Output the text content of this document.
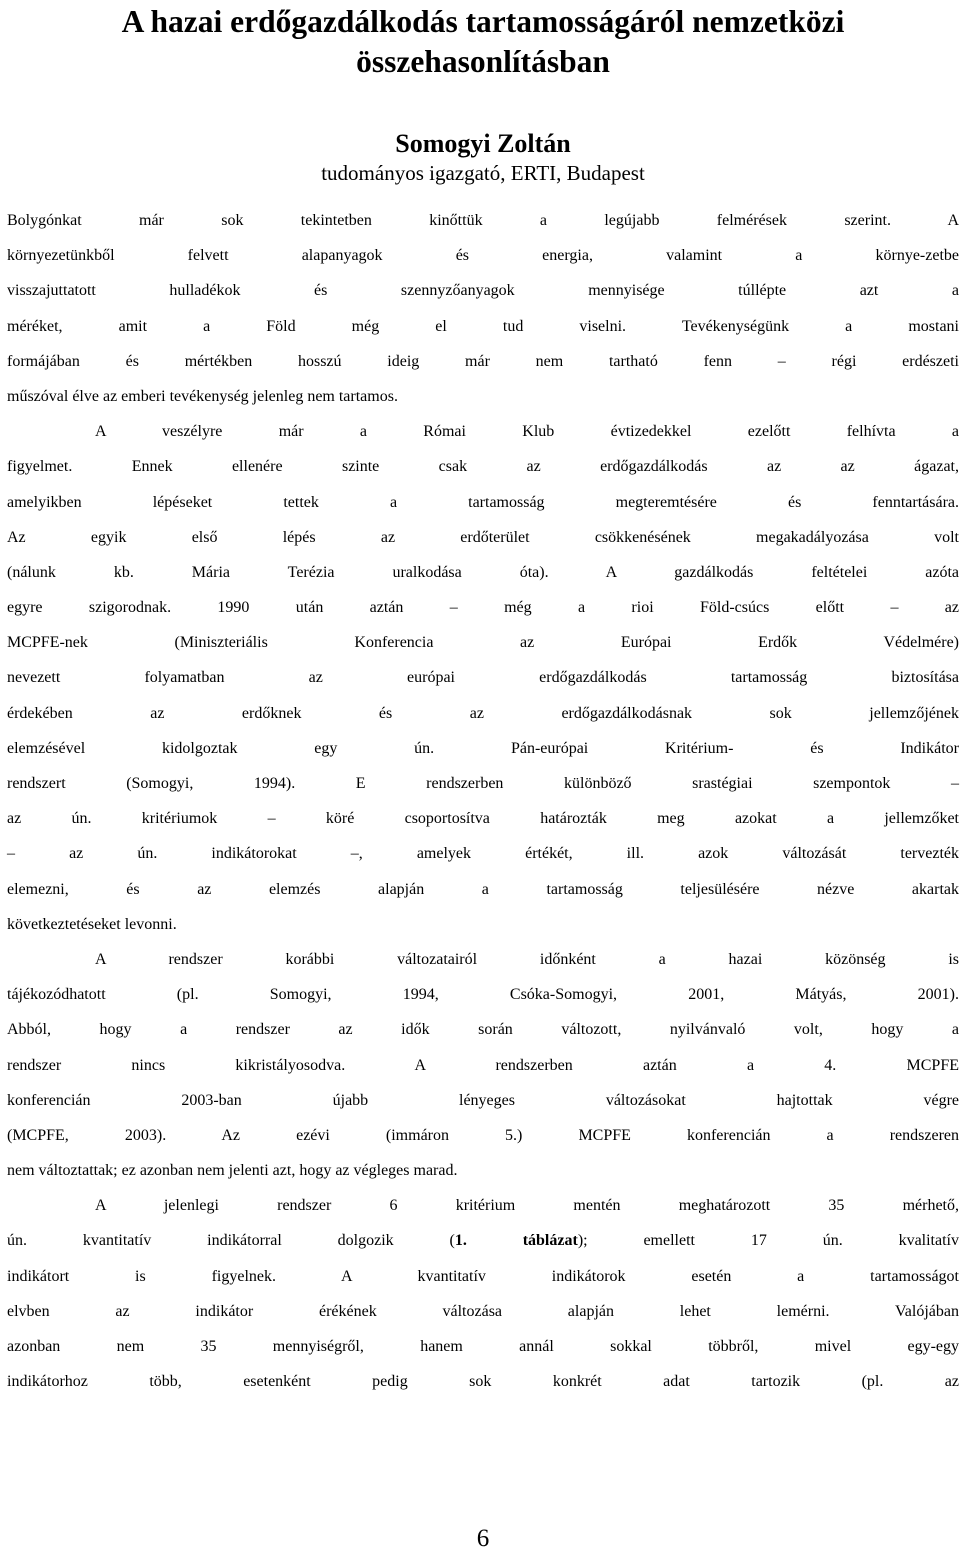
A hazai erdőgazdálkodás tartamosságáról nemzetközi
összehasonlításban

Somogyi Zoltán

tudományos igazgató, ERTI, Budapest

Bolygónkat már sok tekintetben kinőttük a legújabb felmérések szerint. A
környezetünkből felvett alapanyagok és energia, valamint a környe-zetbe
visszajuttatott hulladékok és szennyzőanyagok mennyisége túllépte azt a
méréket, amit a Föld még el tud viselni. Tevékenységünk a mostani
formájában és mértékben hosszú ideig már nem tartható fenn – régi erdészeti
műszóval élve az emberi tevékenység jelenleg nem tartamos.
A veszélyre már a Római Klub évtizedekkel ezelőtt felhívta a
figyelmet. Ennek ellenére szinte csak az erdőgazdálkodás az az ágazat,
amelyikben lépéseket tettek a tartamosság megteremtésére és fenntartására.
Az egyik első lépés az erdőterület csökkenésének megakadályozása volt
(nálunk kb. Mária Terézia uralkodása óta). A gazdálkodás feltételei azóta
egyre szigorodnak. 1990 után aztán – még a rioi Föld-csúcs előtt – az
MCPFE-nek (Miniszteriális Konferencia az Európai Erdők Védelmére)
nevezett folyamatban az európai erdőgazdálkodás tartamosság biztosítása
érdekében az erdőknek és az erdőgazdálkodásnak sok jellemzőjének
elemzésével kidolgoztak egy ún. Pán-európai Kritérium- és Indikátor
rendszert (Somogyi, 1994). E rendszerben különböző srastégiai szempontok –
az ún. kritériumok – köré csoportosítva határozták meg azokat a jellemzőket
– az ún. indikátorokat –, amelyek értékét, ill. azok változását tervezték
elemezni, és az elemzés alapján a tartamosság teljesülésére nézve akartak
következtetéseket levonni.
A rendszer korábbi változatairól időnként a hazai közönség is
tájékozódhatott (pl. Somogyi, 1994, Csóka-Somogyi, 2001, Mátyás, 2001).
Abból, hogy a rendszer az idők során változott, nyilvánvaló volt, hogy a
rendszer nincs kikristályosodva. A rendszerben aztán a 4. MCPFE
konferencián 2003-ban újabb lényeges változásokat hajtottak végre
(MCPFE, 2003). Az ezévi (immáron 5.) MCPFE konferencián a rendszeren
nem változtattak; ez azonban nem jelenti azt, hogy az végleges marad.
A jelenlegi rendszer 6 kritérium mentén meghatározott 35 mérhető,
ún. kvantitatív indikátorral dolgozik (1. táblázat); emellett 17 ún. kvalitatív
indikátort is figyelnek. A kvantitatív indikátorok esetén a tartamosságot
elvben az indikátor érékének változása alapján lehet lemérni. Valójában
azonban nem 35 mennyiségről, hanem annál sokkal többről, mivel egy-egy
indikátorhoz több, esetenként pedig sok konkrét adat tartozik (pl. az
6
